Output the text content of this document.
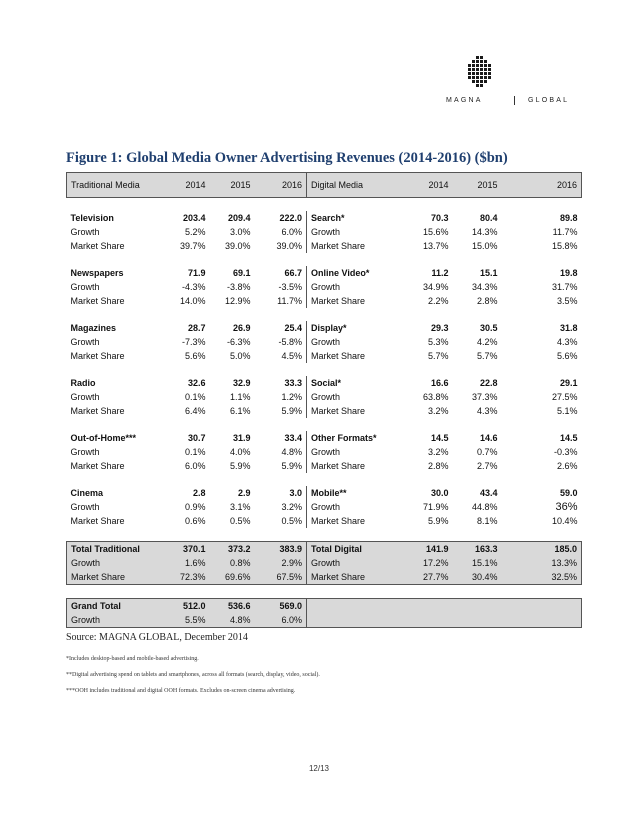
MAGNA	GLOBAL
Figure 1: Global Media Owner Advertising Revenues (2014-2016) ($bn)
Traditional Media	2014	2015	2016	Digital Media	2014	2015	2016

Television	203.4	209.4	222.0	Search*	70.3	80.4	89.8
Growth	5.2%	3.0%	6.0%	Growth	15.6%	14.3%	11.7%
Market Share	39.7%	39.0%	39.0%	Market Share	13.7%	15.0%	15.8%

Newspapers	71.9	69.1	66.7	Online Video*	11.2	15.1	19.8
Growth	-4.3%	-3.8%	-3.5%	Growth	34.9%	34.3%	31.7%
Market Share	14.0%	12.9%	11.7%	Market Share	2.2%	2.8%	3.5%

Magazines	28.7	26.9	25.4	Display*	29.3	30.5	31.8
Growth	-7.3%	-6.3%	-5.8%	Growth	5.3%	4.2%	4.3%
Market Share	5.6%	5.0%	4.5%	Market Share	5.7%	5.7%	5.6%

Radio	32.6	32.9	33.3	Social*	16.6	22.8	29.1
Growth	0.1%	1.1%	1.2%	Growth	63.8%	37.3%	27.5%
Market Share	6.4%	6.1%	5.9%	Market Share	3.2%	4.3%	5.1%

Out-of-Home***	30.7	31.9	33.4	Other Formats*	14.5	14.6	14.5
Growth	0.1%	4.0%	4.8%	Growth	3.2%	0.7%	-0.3%
Market Share	6.0%	5.9%	5.9%	Market Share	2.8%	2.7%	2.6%

Cinema	2.8	2.9	3.0	Mobile**	30.0	43.4	59.0
Growth	0.9%	3.1%	3.2%	Growth	71.9%	44.8%	36%
Market Share	0.6%	0.5%	0.5%	Market Share	5.9%	8.1%	10.4%

Total Traditional	370.1	373.2	383.9	Total Digital	141.9	163.3	185.0
Growth	1.6%	0.8%	2.9%	Growth	17.2%	15.1%	13.3%
Market Share	72.3%	69.6%	67.5%	Market Share	27.7%	30.4%	32.5%

Grand Total	512.0	536.6	569.0				
Growth	5.5%	4.8%	6.0%				
Source: MAGNA GLOBAL, December 2014
*Includes desktop-based and mobile-based advertising.
**Digital advertising spend on tablets and smartphones, across all formats (search, display, video, social).
***OOH includes traditional and digital OOH formats. Excludes on-screen cinema advertising.
12/13
